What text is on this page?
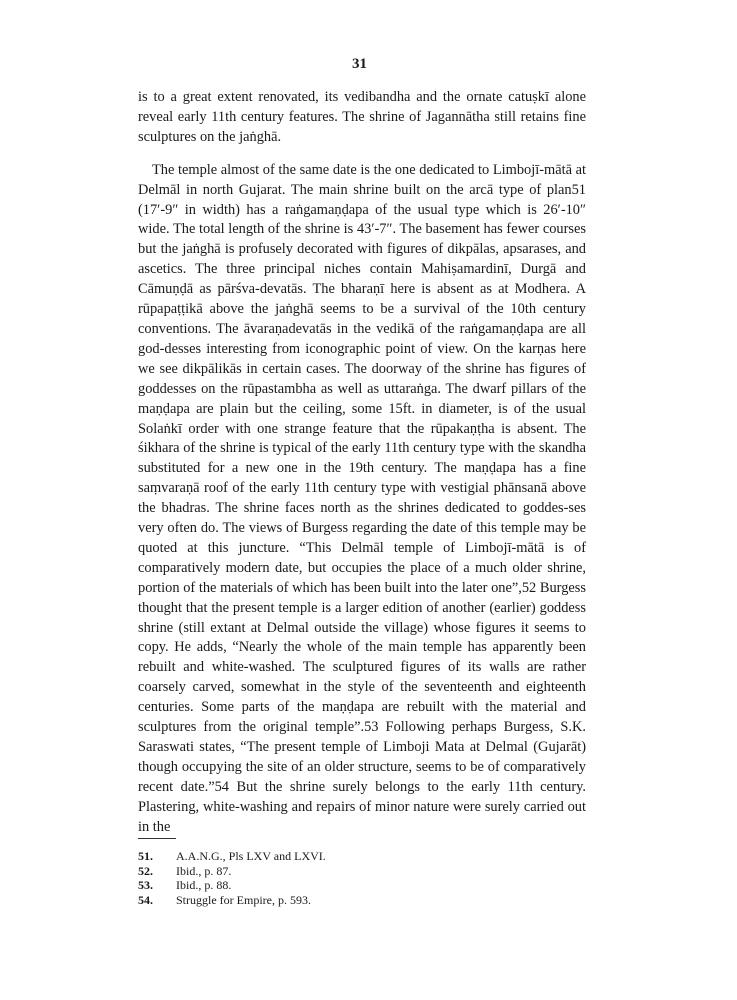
31

is to a great extent renovated, its vedibandha and the ornate catuṣkī alone reveal early 11th century features. The shrine of Jagannātha still retains fine sculptures on the jaṅghā.

The temple almost of the same date is the one dedicated to Limbojī-mātā at Delmāl in north Gujarat. The main shrine built on the arcā type of plan51 (17′-9″ in width) has a raṅgamaṇḍapa of the usual type which is 26′-10″ wide. The total length of the shrine is 43′-7″. The basement has fewer courses but the jaṅghā is profusely decorated with figures of dikpālas, apsarases, and ascetics. The three principal niches contain Mahiṣamardinī, Durgā and Cāmuṇḍā as pārśva-devatās. The bharaṇī here is absent as at Modhera. A rūpapaṭṭikā above the jaṅghā seems to be a survival of the 10th century conventions. The āvaraṇadevatās in the vedikā of the raṅgamaṇḍapa are all god-desses interesting from iconographic point of view. On the karṇas here we see dikpālikās in certain cases. The doorway of the shrine has figures of goddesses on the rūpastambha as well as uttaraṅga. The dwarf pillars of the maṇḍapa are plain but the ceiling, some 15ft. in diameter, is of the usual Solaṅkī order with one strange feature that the rūpakaṇṭha is absent. The śikhara of the shrine is typical of the early 11th century type with the skandha substituted for a new one in the 19th century. The maṇḍapa has a fine saṃvaraṇā roof of the early 11th century type with vestigial phānsanā above the bhadras. The shrine faces north as the shrines dedicated to goddes-ses very often do. The views of Burgess regarding the date of this temple may be quoted at this juncture. “This Delmāl temple of Limbojī-mātā is of comparatively modern date, but occupies the place of a much older shrine, portion of the materials of which has been built into the later one”,52 Burgess thought that the present temple is a larger edition of another (earlier) goddess shrine (still extant at Delmal outside the village) whose figures it seems to copy. He adds, “Nearly the whole of the main temple has apparently been rebuilt and white-washed. The sculptured figures of its walls are rather coarsely carved, somewhat in the style of the seventeenth and eighteenth centuries. Some parts of the maṇḍapa are rebuilt with the material and sculptures from the original temple”.53 Following perhaps Burgess, S.K. Saraswati states, “The present temple of Limboji Mata at Delmal (Gujarāt) though occupying the site of an older structure, seems to be of comparatively recent date.”54 But the shrine surely belongs to the early 11th century. Plastering, white-washing and repairs of minor nature were surely carried out in the

51.	A.A.N.G., Pls LXV and LXVI.
52.	Ibid., p. 87.
53.	Ibid., p. 88.
54.	Struggle for Empire, p. 593.
